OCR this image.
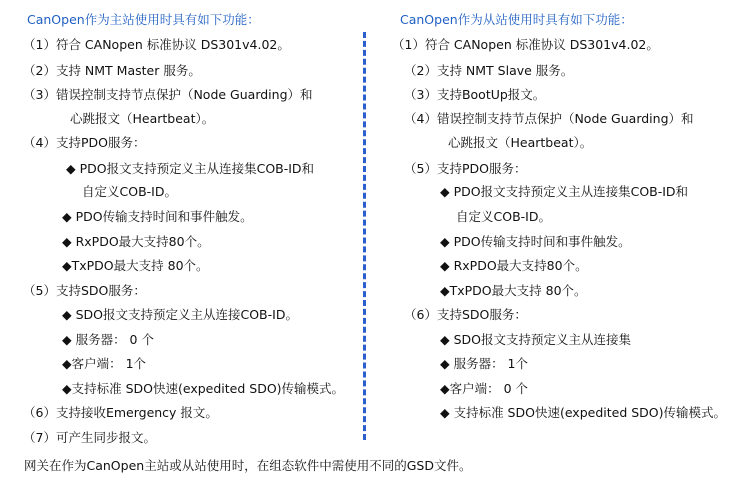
CanOpen作为主站使用时具有如下功能：
（1）符合 CANopen 标准协议 DS301v4.02。
（2）支持 NMT Master 服务。
（3）错误控制支持节点保护（Node Guarding）和
心跳报文（Heartbeat）。
（4）支持PDO服务：
◆ PDO报文支持预定义主从连接集COB-ID和
自定义COB-ID。
◆ PDO传输支持时间和事件触发。
◆ RxPDO最大支持80个。
◆TxPDO最大支持 80个。
（5）支持SDO服务：
◆ SDO报文支持预定义主从连接COB-ID。
◆ 服务器： 0 个
◆客户端： 1个
◆支持标准 SDO快速(expedited SDO)传输模式。
（6）支持接收Emergency 报文。
（7）可产生同步报文。
CanOpen作为从站使用时具有如下功能：
（1）符合 CANopen 标准协议 DS301v4.02。
（2）支持 NMT Slave 服务。
（3）支持BootUp报文。
（4）错误控制支持节点保护（Node Guarding）和
心跳报文（Heartbeat）。
（5）支持PDO服务：
◆ PDO报文支持预定义主从连接集COB-ID和
自定义COB-ID。
◆ PDO传输支持时间和事件触发。
◆ RxPDO最大支持80个。
◆TxPDO最大支持 80个。
（6）支持SDO服务：
◆ SDO报文支持预定义主从连接集
◆ 服务器： 1个
◆客户端： 0 个
◆ 支持标准 SDO快速(expedited SDO)传输模式。
网关在作为CanOpen主站或从站使用时，在组态软件中需使用不同的GSD文件。
